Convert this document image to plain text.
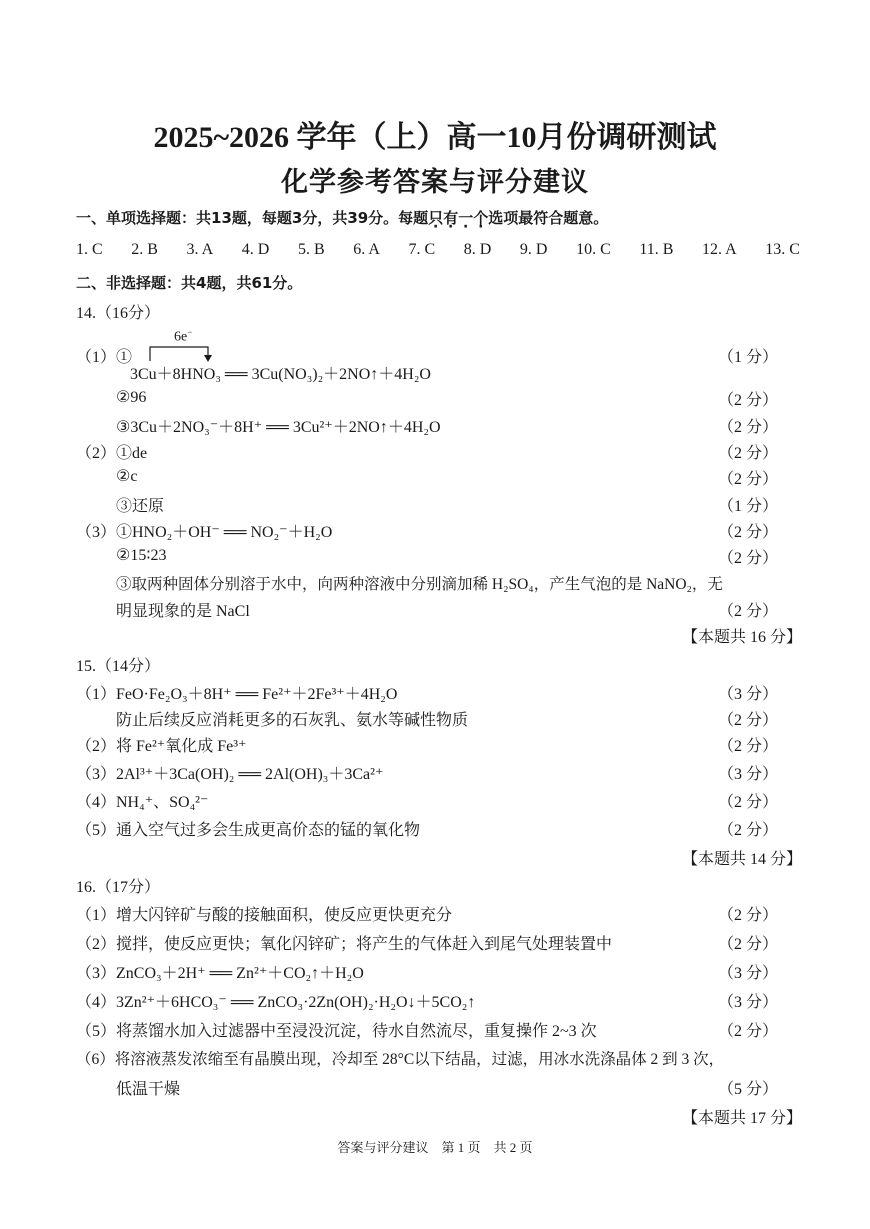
2025~2026 学年（上）高一10月份调研测试
化学参考答案与评分建议
一、单项选择题：共13题，每题3分，共39分。每题只有一个选项最符合题意。
1. C 2. B 3. A 4. D 5. B 6. A 7. C 8. D 9. D 10. C 11. B 12. A 13. C
二、非选择题：共4题，共61分。
14.（16分）
6e−
（1）①	（1 分）
3Cu＋8HNO₃ ══ 3Cu(NO₃)₂＋2NO↑＋4H₂O
②96	（2 分）
③3Cu＋2NO₃⁻＋8H⁺ ══ 3Cu²⁺＋2NO↑＋4H₂O	（2 分）
（2）①de	（2 分）
②c	（2 分）
③还原	（1 分）
（3）①HNO₂＋OH⁻ ══ NO₂⁻＋H₂O	（2 分）
②15∶23	（2 分）
③取两种固体分别溶于水中，向两种溶液中分别滴加稀 H₂SO₄，产生气泡的是 NaNO₂，无
明显现象的是 NaCl	（2 分）
【本题共 16 分】
15.（14分）
（1）FeO·Fe₂O₃＋8H⁺ ══ Fe²⁺＋2Fe³⁺＋4H₂O	（3 分）
防止后续反应消耗更多的石灰乳、氨水等碱性物质	（2 分）
（2）将 Fe²⁺氧化成 Fe³⁺	（2 分）
（3）2Al³⁺＋3Ca(OH)₂ ══ 2Al(OH)₃＋3Ca²⁺	（3 分）
（4）NH₄⁺、SO₄²⁻	（2 分）
（5）通入空气过多会生成更高价态的锰的氧化物	（2 分）
【本题共 14 分】
16.（17分）
（1）增大闪锌矿与酸的接触面积，使反应更快更充分	（2 分）
（2）搅拌，使反应更快；氧化闪锌矿；将产生的气体赶入到尾气处理装置中	（2 分）
（3）ZnCO₃＋2H⁺ ══ Zn²⁺＋CO₂↑＋H₂O	（3 分）
（4）3Zn²⁺＋6HCO₃⁻ ══ ZnCO₃·2Zn(OH)₂·H₂O↓＋5CO₂↑	（3 分）
（5）将蒸馏水加入过滤器中至浸没沉淀，待水自然流尽，重复操作 2~3 次	（2 分）
（6）将溶液蒸发浓缩至有晶膜出现，冷却至 28°C以下结晶，过滤，用冰水洗涤晶体 2 到 3 次，
低温干燥	（5 分）
【本题共 17 分】
答案与评分建议　第 1 页　共 2 页
